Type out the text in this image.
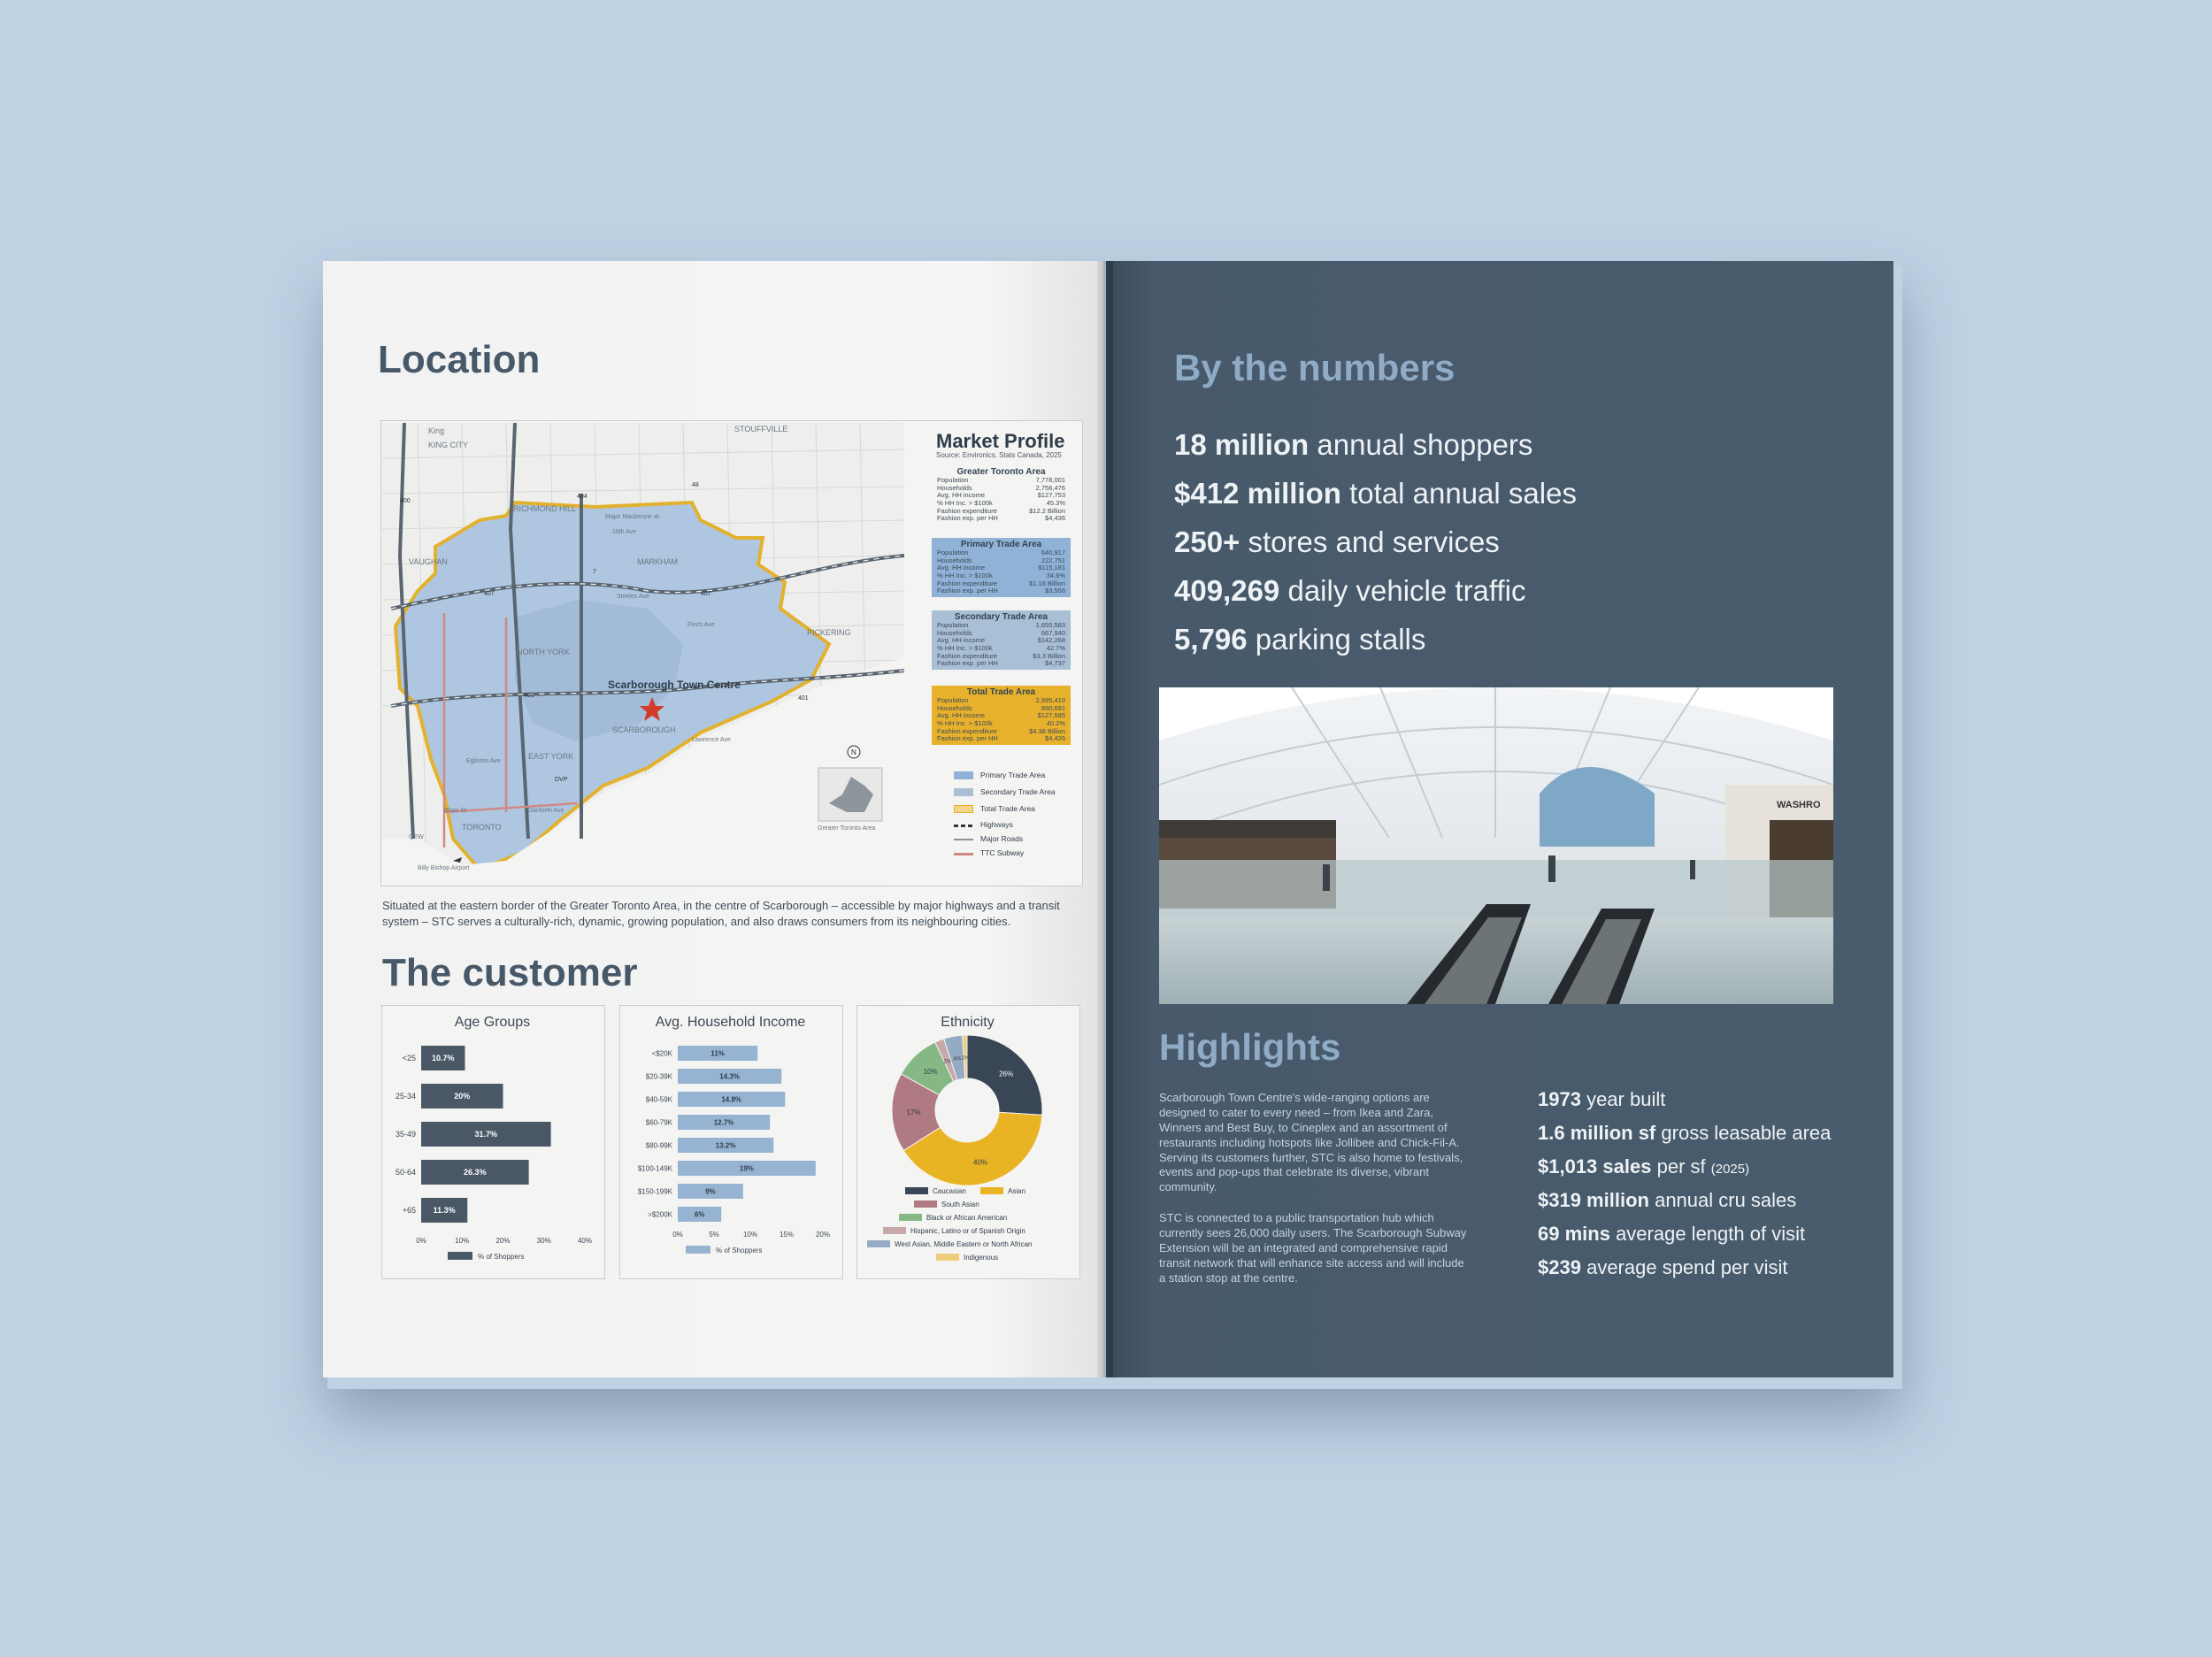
Location
King
KING CITY
STOUFFVILLE
RICHMOND HILL
VAUGHAN	MARKHAM
Major Mackenzie dr.
16th Ave
Steeles Ave
Finch Ave
NORTH YORK
EAST YORK
TORONTO
PICKERING
SCARBOROUGH
Eglinton Ave
Lawrence Ave
Bloor St	Danforth Ave
Billy Bishop Airport
QEW
400
404
407	407
401	401
48
7
DVP
Scarborough Town Centre
N
Greater Toronto Area
Market Profile
Source: Environics, Stats Canada, 2025
Greater Toronto Area
Population	7,778,001
Households	2,756,476
Avg. HH income	$127,753
% HH Inc. > $100k	45.3%
Fashion expenditure	$12.2 Billion
Fashion exp. per HH	$4,436
Primary Trade Area
Population	640,917
Households	222,751
Avg. HH income	$115,181
% HH Inc. > $100k	34.6%
Fashion expenditure	$1.16 Billion
Fashion exp. per HH	$3,556
Secondary Trade Area
Population	1,655,583
Households	667,940
Avg. HH income	$142,268
% HH Inc. > $100k	42.7%
Fashion expenditure	$3.3 Billion
Fashion exp. per HH	$4,737
Total Trade Area
Population	2,995,410
Households	890,691
Avg. HH income	$127,585
% HH Inc. > $100k	40.2%
Fashion expenditure	$4.38 Billion
Fashion exp. per HH	$4,426
Primary Trade Area
Secondary Trade Area
Total Trade Area
Highways
Major Roads
TTC Subway
Situated at the eastern border of the Greater Toronto Area, in the centre of Scarborough – accessible by major highways and a transit system – STC serves a culturally-rich, dynamic, growing population, and also draws consumers from its neighbouring cities.
The customer
Age Groups	Avg. Household Income	Ethnicity
<25 10.7%
25-34	20%
35-49	31.7%
50-64	26.3%
+65 11.3%
0%	10%	20%	30%	40%
% of Shoppers
<$20K	11%
$20-39K	14.3%
$40-59K	14.8%
$60-79K	12.7%
$80-99K	13.2%
$100-149K	19%
$150-199K	9%
>$200K	6%
0%	5%	10%	15%	20%
% of Shoppers
26%
40%
17%
10%
2%
4% 1%
Caucasian	Asian
South Asian
Black or African American
Hispanic, Latino or of Spanish Origin
West Asian, Middle Eastern or North African
Indigenous
By the numbers
18 million annual shoppers
$412 million total annual sales
250+ stores and services
409,269 daily vehicle traffic
5,796 parking stalls
WASHRO
Highlights
Scarborough Town Centre's wide-ranging options are designed to cater to every need – from Ikea and Zara, Winners and Best Buy, to Cineplex and an assortment of restaurants including hotspots like Jollibee and Chick-Fil-A. Serving its customers further, STC is also home to festivals, events and pop-ups that celebrate its diverse, vibrant community.
STC is connected to a public transportation hub which currently sees 26,000 daily users. The Scarborough Subway Extension will be an integrated and comprehensive rapid transit network that will enhance site access and will include a station stop at the centre.
1973 year built
1.6 million sf gross leasable area
$1,013 sales per sf (2025)
$319 million annual cru sales
69 mins average length of visit
$239 average spend per visit
